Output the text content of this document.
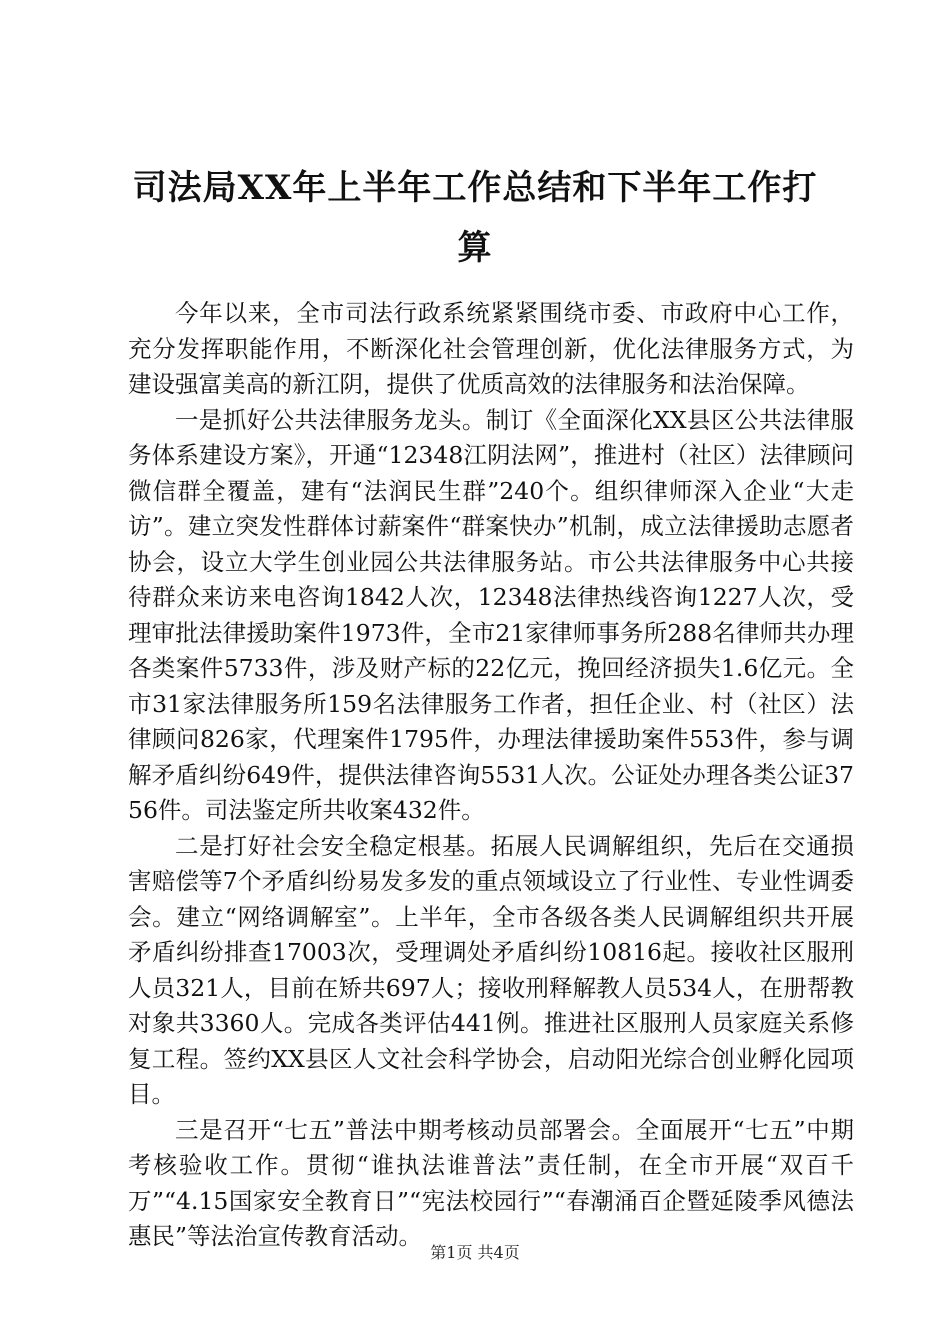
司法局XX年上半年工作总结和下半年工作打算

今年以来，全市司法行政系统紧紧围绕市委、市政府中心工作，充分发挥职能作用，不断深化社会管理创新，优化法律服务方式，为建设强富美高的新江阴，提供了优质高效的法律服务和法治保障。

一是抓好公共法律服务龙头。制订《全面深化XX县区公共法律服务体系建设方案》，开通“12348江阴法网”，推进村（社区）法律顾问微信群全覆盖，建有“法润民生群”240个。组织律师深入企业“大走访”。建立突发性群体讨薪案件“群案快办”机制，成立法律援助志愿者协会，设立大学生创业园公共法律服务站。市公共法律服务中心共接待群众来访来电咨询1842人次，12348法律热线咨询1227人次，受理审批法律援助案件1973件，全市21家律师事务所288名律师共办理各类案件5733件，涉及财产标的22亿元，挽回经济损失1.6亿元。全市31家法律服务所159名法律服务工作者，担任企业、村（社区）法律顾问826家，代理案件1795件，办理法律援助案件553件，参与调解矛盾纠纷649件，提供法律咨询5531人次。公证处办理各类公证3756件。司法鉴定所共收案432件。

二是打好社会安全稳定根基。拓展人民调解组织，先后在交通损害赔偿等7个矛盾纠纷易发多发的重点领域设立了行业性、专业性调委会。建立“网络调解室”。上半年，全市各级各类人民调解组织共开展矛盾纠纷排查17003次，受理调处矛盾纠纷10816起。接收社区服刑人员321人，目前在矫共697人；接收刑释解教人员534人，在册帮教对象共3360人。完成各类评估441例。推进社区服刑人员家庭关系修复工程。签约XX县区人文社会科学协会，启动阳光综合创业孵化园项目。

三是召开“七五”普法中期考核动员部署会。全面展开“七五”中期考核验收工作。贯彻“谁执法谁普法”责任制，在全市开展“双百千万”“4.15国家安全教育日”“宪法校园行”“春潮涌百企暨延陵季风德法惠民”等法治宣传教育活动。

第1页 共4页
